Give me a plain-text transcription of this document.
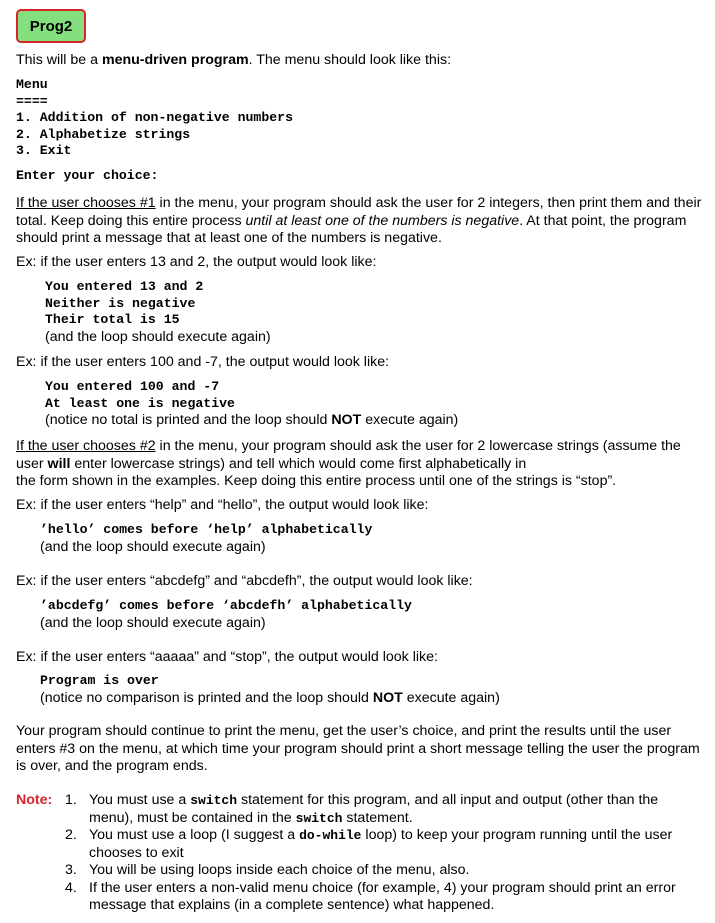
Prog2
This will be a menu-driven program. The menu should look like this:
Menu
====
1. Addition of non-negative numbers
2. Alphabetize strings
3. Exit
Enter your choice:
If the user chooses #1 in the menu, your program should ask the user for 2 integers, then print them and their total. Keep doing this entire process until at least one of the numbers is negative. At that point, the program should print a message that at least one of the numbers is negative.
Ex: if the user enters 13 and 2, the output would look like:
You entered 13 and 2
Neither is negative
Their total is 15
(and the loop should execute again)
Ex: if the user enters 100 and -7, the output would look like:
You entered 100 and -7
At least one is negative
(notice no total is printed and the loop should NOT execute again)
If the user chooses #2 in the menu, your program should ask the user for 2 lowercase strings (assume the user will enter lowercase strings) and tell which would come first alphabetically in
the form shown in the examples. Keep doing this entire process until one of the strings is “stop”.
Ex: if the user enters “help” and “hello”, the output would look like:
’hello’ comes before ‘help’ alphabetically
(and the loop should execute again)
Ex: if the user enters “abcdefg” and “abcdefh”, the output would look like:
’abcdefg’ comes before ‘abcdefh’ alphabetically
(and the loop should execute again)
Ex: if the user enters “aaaaa” and “stop”, the output would look like:
Program is over
(notice no comparison is printed and the loop should NOT execute again)
Your program should continue to print the menu, get the user’s choice, and print the results until the user enters #3 on the menu, at which time your program should print a short message telling the user the program is over, and the program ends.
Note: 1. You must use a switch statement for this program, and all input and output (other than the menu), must be contained in the switch statement.
2. You must use a loop (I suggest a do-while loop) to keep your program running until the user chooses to exit
3. You will be using loops inside each choice of the menu, also.
4. If the user enters a non-valid menu choice (for example, 4) your program should print an error message that explains (in a complete sentence) what happened.
